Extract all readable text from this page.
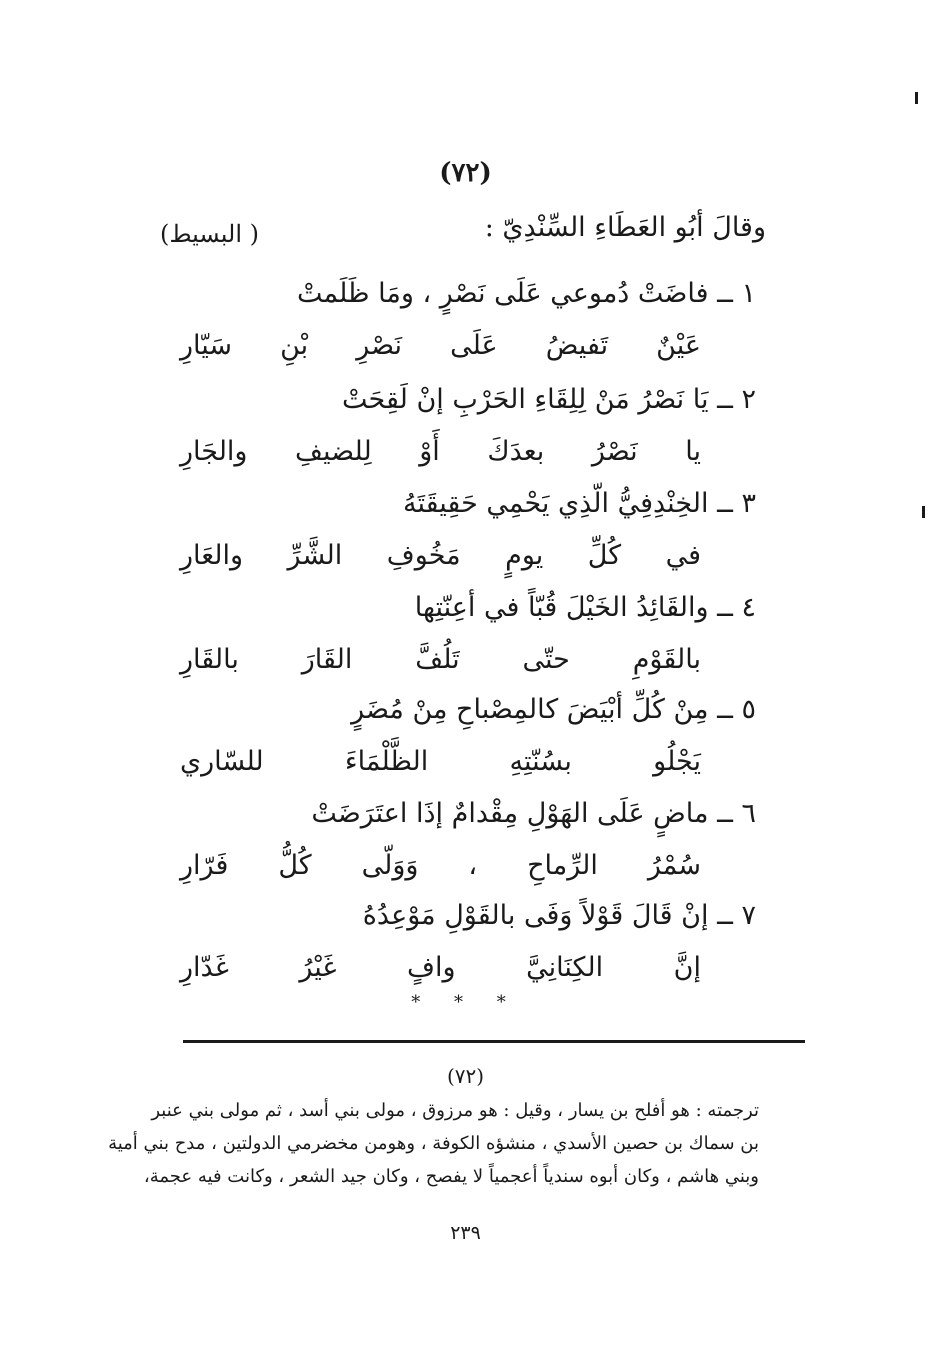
(٧٢)
وقالَ أبُو العَطَاءِ السِّنْدِيّ :
( البسيط)
١ ــ فاضَتْ دُموعي عَلَى نَصْرٍ ، ومَا ظَلَمتْ
عَيْنٌ تَفيضُ عَلَى نَصْرِ بْنِ سَيّارِ
٢ ــ يَا نَصْرُ مَنْ لِلِقَاءِ الحَرْبِ إنْ لَقِحَتْ
يا نَصْرُ بعدَكَ أَوْ لِلضيفِ والجَارِ
٣ ــ الخِنْدِفِيُّ الّذِي يَحْمِي حَقِيقَتَهُ
في كُلِّ يومٍ مَخُوفِ الشَّرِّ والعَارِ
٤ ــ والقَائِدُ الخَيْلَ قُبّاً في أعِنّتِها
بالقَوْمِ حتّى تَلُفَّ القَارَ بالقَارِ
٥ ــ مِنْ كُلِّ أبْيَضَ كالمِصْباحِ مِنْ مُضَرٍ
يَجْلُو بسُنّتِهِ الظَّلْمَاءَ للسّاري
٦ ــ ماضٍ عَلَى الهَوْلِ مِقْدامٌ إذَا اعتَرَضَتْ
سُمْرُ الرِّماحِ ، وَوَلّى كُلُّ فَرّارِ
٧ ــ إنْ قَالَ قَوْلاً وَفَى بالقَوْلِ مَوْعِدُهُ
إنَّ الكِنَانِيَّ وافٍ غَيْرُ غَدّارِ
* * *
(٧٢)
ترجمته : هو أفلح بن يسار ، وقيل : هو مرزوق ، مولى بني أسد ، ثم مولى بني عنبر
بن سماك بن حصين الأسدي ، منشؤه الكوفة ، وهومن مخضرمي الدولتين ، مدح بني أمية
وبني هاشم ، وكان أبوه سندياً أعجمياً لا يفصح ، وكان جيد الشعر ، وكانت فيه عجمة،
٢٣٩
